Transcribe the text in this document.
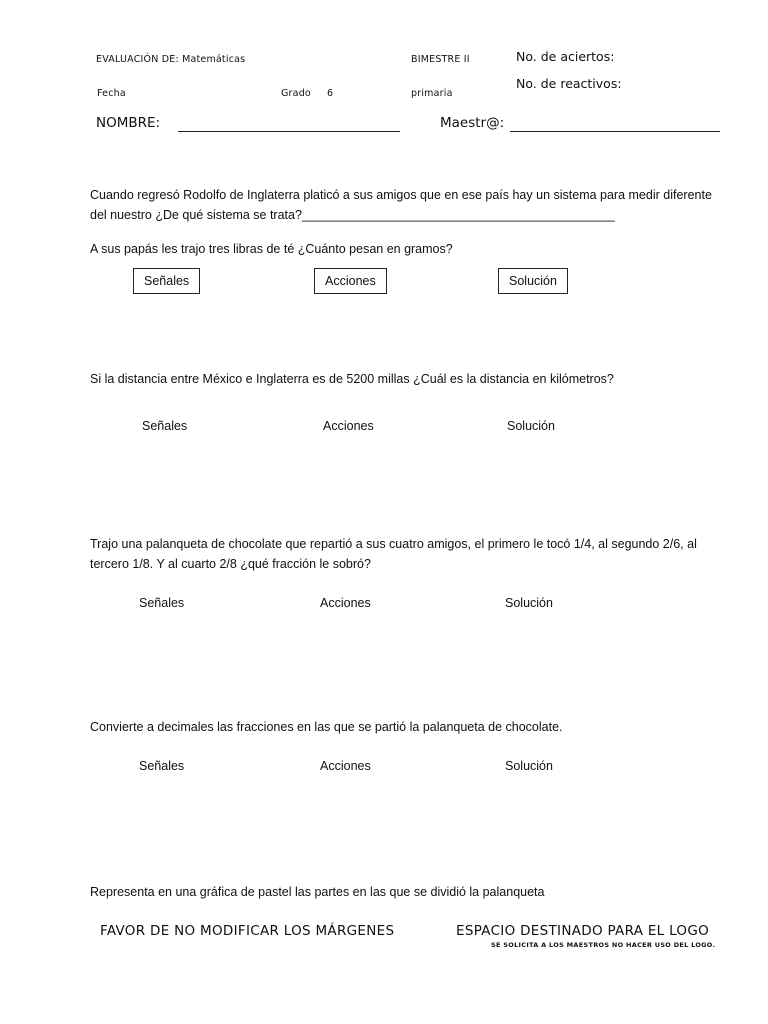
EVALUACIÓN DE: Matemáticas	BIMESTRE II	No. de aciertos:
Fecha	Grado 6	primaria
No. de reactivos:
NOMBRE:	Maestr@:
Cuando regresó Rodolfo de Inglaterra platicó a sus amigos que en ese país hay un sistema para medir diferente del nuestro ¿De qué sistema se trata?_____________________________________________
A sus papás les trajo tres libras de té ¿Cuánto pesan en gramos?
Señales	Acciones	Solución
Si la distancia entre México e Inglaterra es de 5200 millas ¿Cuál es la distancia en kilómetros?
Señales	Acciones	Solución
Trajo una palanqueta de chocolate que repartió a sus cuatro amigos, el primero le tocó 1/4, al segundo 2/6, al tercero 1/8. Y al cuarto 2/8 ¿qué fracción le sobró?
Señales	Acciones	Solución
Convierte a decimales las fracciones en las que se partió la palanqueta de chocolate.
Señales	Acciones	Solución
Representa en una gráfica de pastel las partes en las que se dividió la palanqueta
FAVOR DE NO MODIFICAR LOS MÁRGENES	ESPACIO DESTINADO PARA EL LOGO
SE SOLICITA A LOS MAESTROS NO HACER USO DEL LOGO.
